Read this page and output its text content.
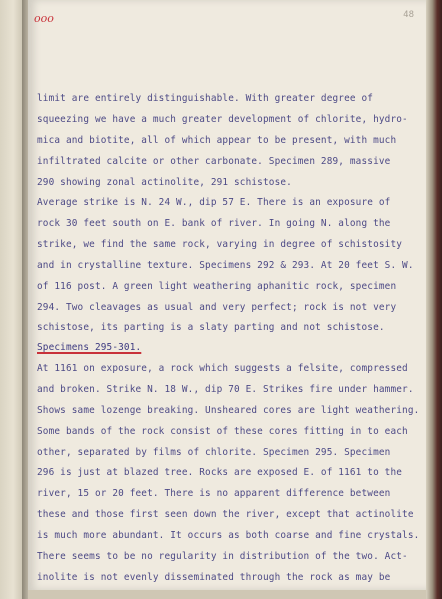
ooo	48
limit are entirely distinguishable. With greater degree of
squeezing we have a much greater development of chlorite, hydro-
mica and biotite, all of which appear to be present, with much
infiltrated calcite or other carbonate. Specimen 289, massive
290 showing zonal actinolite, 291 schistose.
Average strike is N. 24 W., dip 57 E. There is an exposure of
rock 30 feet south on E. bank of river. In going N. along the
strike, we find the same rock, varying in degree of schistosity
and in crystalline texture. Specimens 292 & 293. At 20 feet S. W.
of 116 post. A green light weathering aphanitic rock, specimen
294. Two cleavages as usual and very perfect; rock is not very
schistose, its parting is a slaty parting and not schistose.
Specimens 295-301.
At 1161 on exposure, a rock which suggests a felsite, compressed
and broken. Strike N. 18 W., dip 70 E. Strikes fire under hammer.
Shows same lozenge breaking. Unsheared cores are light weathering.
Some bands of the rock consist of these cores fitting in to each
other, separated by films of chlorite. Specimen 295. Specimen
296 is just at blazed tree. Rocks are exposed E. of 1161 to the
river, 15 or 20 feet. There is no apparent difference between
these and those first seen down the river, except that actinolite
is much more abundant. It occurs as both coarse and fine crystals.
There seems to be no regularity in distribution of the two. Act-
inolite is not evenly disseminated through the rock as may be
